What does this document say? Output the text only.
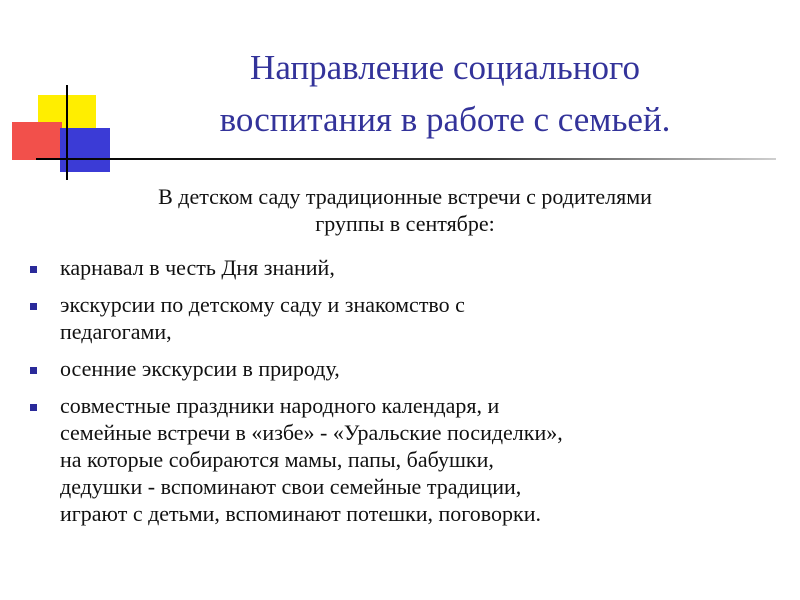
Направление социального
воспитания в работе с семьей.
В детском саду традиционные встречи с родителями
группы в сентябре:
карнавал в честь Дня знаний,
экскурсии по детскому саду и знакомство с
педагогами,
осенние экскурсии в природу,
совместные праздники народного календаря, и
семейные встречи в «избе» - «Уральские посиделки»,
на которые собираются мамы, папы, бабушки,
дедушки - вспоминают свои семейные традиции,
играют с детьми, вспоминают потешки, поговорки.
